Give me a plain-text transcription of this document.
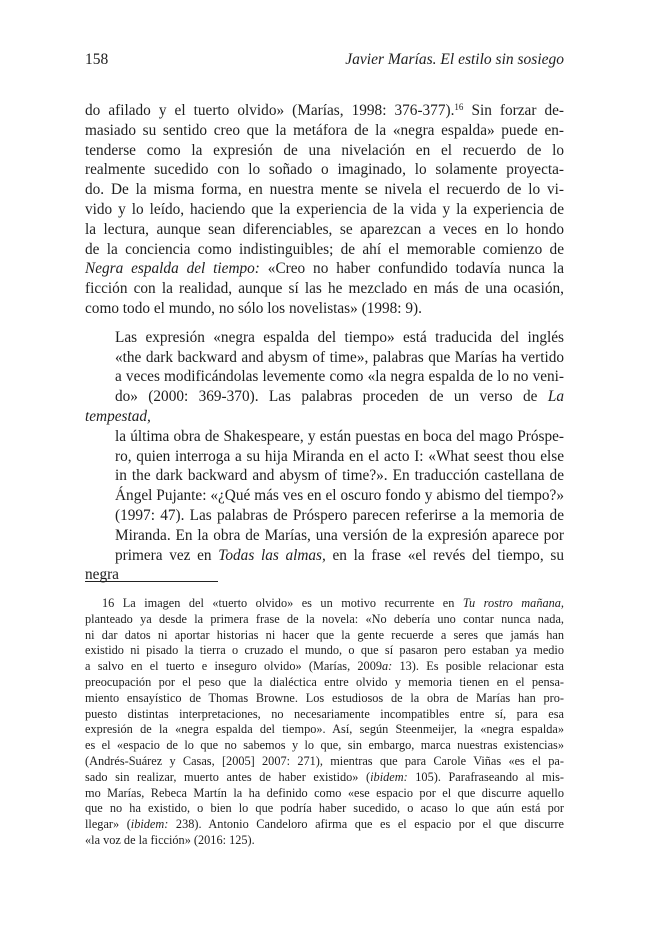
158	Javier Marías. El estilo sin sosiego

do afilado y el tuerto olvido» (Marías, 1998: 376-377).$^{16}$ Sin forzar de-
masiado su sentido creo que la metáfora de la «negra espalda» puede en-
tenderse como la expresión de una nivelación en el recuerdo de lo
realmente sucedido con lo soñado o imaginado, lo solamente proyecta-
do. De la misma forma, en nuestra mente se nivela el recuerdo de lo vi-
vido y lo leído, haciendo que la experiencia de la vida y la experiencia de
la lectura, aunque sean diferenciables, se aparezcan a veces en lo hondo
de la conciencia como indistinguibles; de ahí el memorable comienzo de
Negra espalda del tiempo: «Creo no haber confundido todavía nunca la
ficción con la realidad, aunque sí las he mezclado en más de una ocasión,
como todo el mundo, no sólo los novelistas» (1998: 9).

Las expresión «negra espalda del tiempo» está traducida del inglés
«the dark backward and abysm of time», palabras que Marías ha vertido
a veces modificándolas levemente como «la negra espalda de lo no veni-
do» (2000: 369-370). Las palabras proceden de un verso de La tempestad,
la última obra de Shakespeare, y están puestas en boca del mago Próspe-
ro, quien interroga a su hija Miranda en el acto I: «What seest thou else
in the dark backward and abysm of time?». En traducción castellana de
Ángel Pujante: «¿Qué más ves en el oscuro fondo y abismo del tiempo?»
(1997: 47). Las palabras de Próspero parecen referirse a la memoria de
Miranda. En la obra de Marías, una versión de la expresión aparece por
primera vez en Todas las almas, en la frase «el revés del tiempo, su negra

16 La imagen del «tuerto olvido» es un motivo recurrente en Tu rostro mañana,
planteado ya desde la primera frase de la novela: «No debería uno contar nunca nada,
ni dar datos ni aportar historias ni hacer que la gente recuerde a seres que jamás han
existido ni pisado la tierra o cruzado el mundo, o que sí pasaron pero estaban ya medio
a salvo en el tuerto e inseguro olvido» (Marías, 2009a: 13). Es posible relacionar esta
preocupación por el peso que la dialéctica entre olvido y memoria tienen en el pensa-
miento ensayístico de Thomas Browne. Los estudiosos de la obra de Marías han pro-
puesto distintas interpretaciones, no necesariamente incompatibles entre sí, para esa
expresión de la «negra espalda del tiempo». Así, según Steenmeijer, la «negra espalda»
es el «espacio de lo que no sabemos y lo que, sin embargo, marca nuestras existencias»
(Andrés-Suárez y Casas, [2005] 2007: 271), mientras que para Carole Viñas «es el pa-
sado sin realizar, muerto antes de haber existido» (ibidem: 105). Parafraseando al mis-
mo Marías, Rebeca Martín la ha definido como «ese espacio por el que discurre aquello
que no ha existido, o bien lo que podría haber sucedido, o acaso lo que aún está por
llegar» (ibidem: 238). Antonio Candeloro afirma que es el espacio por el que discurre
«la voz de la ficción» (2016: 125).
